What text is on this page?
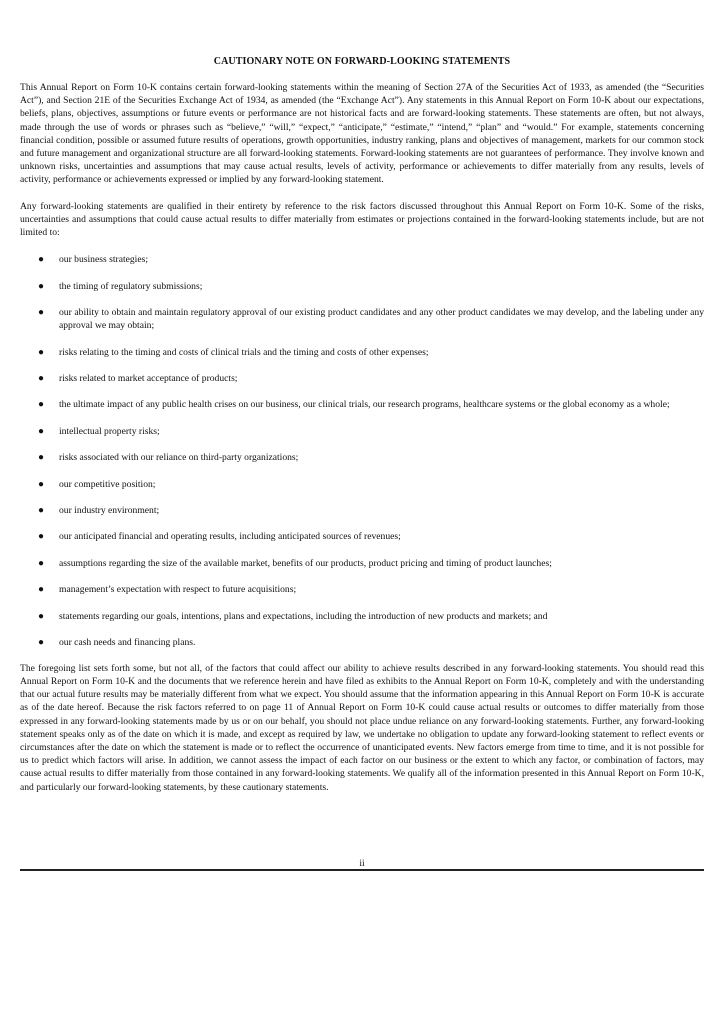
CAUTIONARY NOTE ON FORWARD-LOOKING STATEMENTS

This Annual Report on Form 10-K contains certain forward-looking statements within the meaning of Section 27A of the Securities Act of 1933, as amended (the “Securities Act”), and Section 21E of the Securities Exchange Act of 1934, as amended (the “Exchange Act”). Any statements in this Annual Report on Form 10-K about our expectations, beliefs, plans, objectives, assumptions or future events or performance are not historical facts and are forward-looking statements. These statements are often, but not always, made through the use of words or phrases such as “believe,” “will,” “expect,” “anticipate,” “estimate,” “intend,” “plan” and “would.” For example, statements concerning financial condition, possible or assumed future results of operations, growth opportunities, industry ranking, plans and objectives of management, markets for our common stock and future management and organizational structure are all forward-looking statements. Forward-looking statements are not guarantees of performance. They involve known and unknown risks, uncertainties and assumptions that may cause actual results, levels of activity, performance or achievements to differ materially from any results, levels of activity, performance or achievements expressed or implied by any forward-looking statement.

Any forward-looking statements are qualified in their entirety by reference to the risk factors discussed throughout this Annual Report on Form 10-K. Some of the risks, uncertainties and assumptions that could cause actual results to differ materially from estimates or projections contained in the forward-looking statements include, but are not limited to:

● our business strategies;
● the timing of regulatory submissions;
● our ability to obtain and maintain regulatory approval of our existing product candidates and any other product candidates we may develop, and the labeling under any approval we may obtain;
● risks relating to the timing and costs of clinical trials and the timing and costs of other expenses;
● risks related to market acceptance of products;
● the ultimate impact of any public health crises on our business, our clinical trials, our research programs, healthcare systems or the global economy as a whole;
● intellectual property risks;
● risks associated with our reliance on third-party organizations;
● our competitive position;
● our industry environment;
● our anticipated financial and operating results, including anticipated sources of revenues;
● assumptions regarding the size of the available market, benefits of our products, product pricing and timing of product launches;
● management’s expectation with respect to future acquisitions;
● statements regarding our goals, intentions, plans and expectations, including the introduction of new products and markets; and
● our cash needs and financing plans.

The foregoing list sets forth some, but not all, of the factors that could affect our ability to achieve results described in any forward-looking statements. You should read this Annual Report on Form 10-K and the documents that we reference herein and have filed as exhibits to the Annual Report on Form 10-K, completely and with the understanding that our actual future results may be materially different from what we expect. You should assume that the information appearing in this Annual Report on Form 10-K is accurate as of the date hereof. Because the risk factors referred to on page 11 of Annual Report on Form 10-K could cause actual results or outcomes to differ materially from those expressed in any forward-looking statements made by us or on our behalf, you should not place undue reliance on any forward-looking statements. Further, any forward-looking statement speaks only as of the date on which it is made, and except as required by law, we undertake no obligation to update any forward-looking statement to reflect events or circumstances after the date on which the statement is made or to reflect the occurrence of unanticipated events. New factors emerge from time to time, and it is not possible for us to predict which factors will arise. In addition, we cannot assess the impact of each factor on our business or the extent to which any factor, or combination of factors, may cause actual results to differ materially from those contained in any forward-looking statements. We qualify all of the information presented in this Annual Report on Form 10-K, and particularly our forward-looking statements, by these cautionary statements.

ii
